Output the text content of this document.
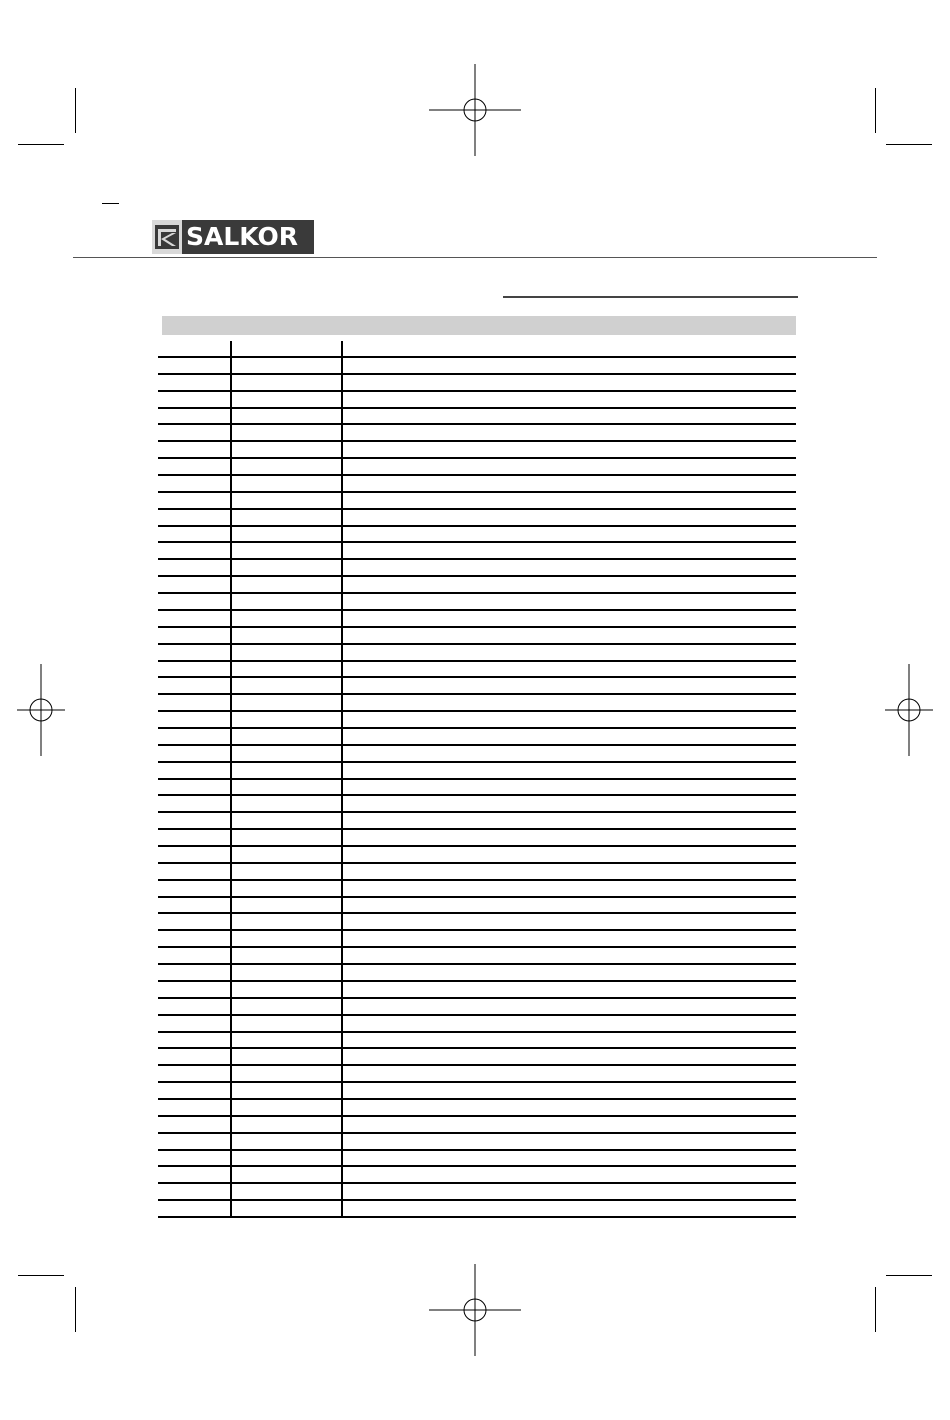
SALKOR
